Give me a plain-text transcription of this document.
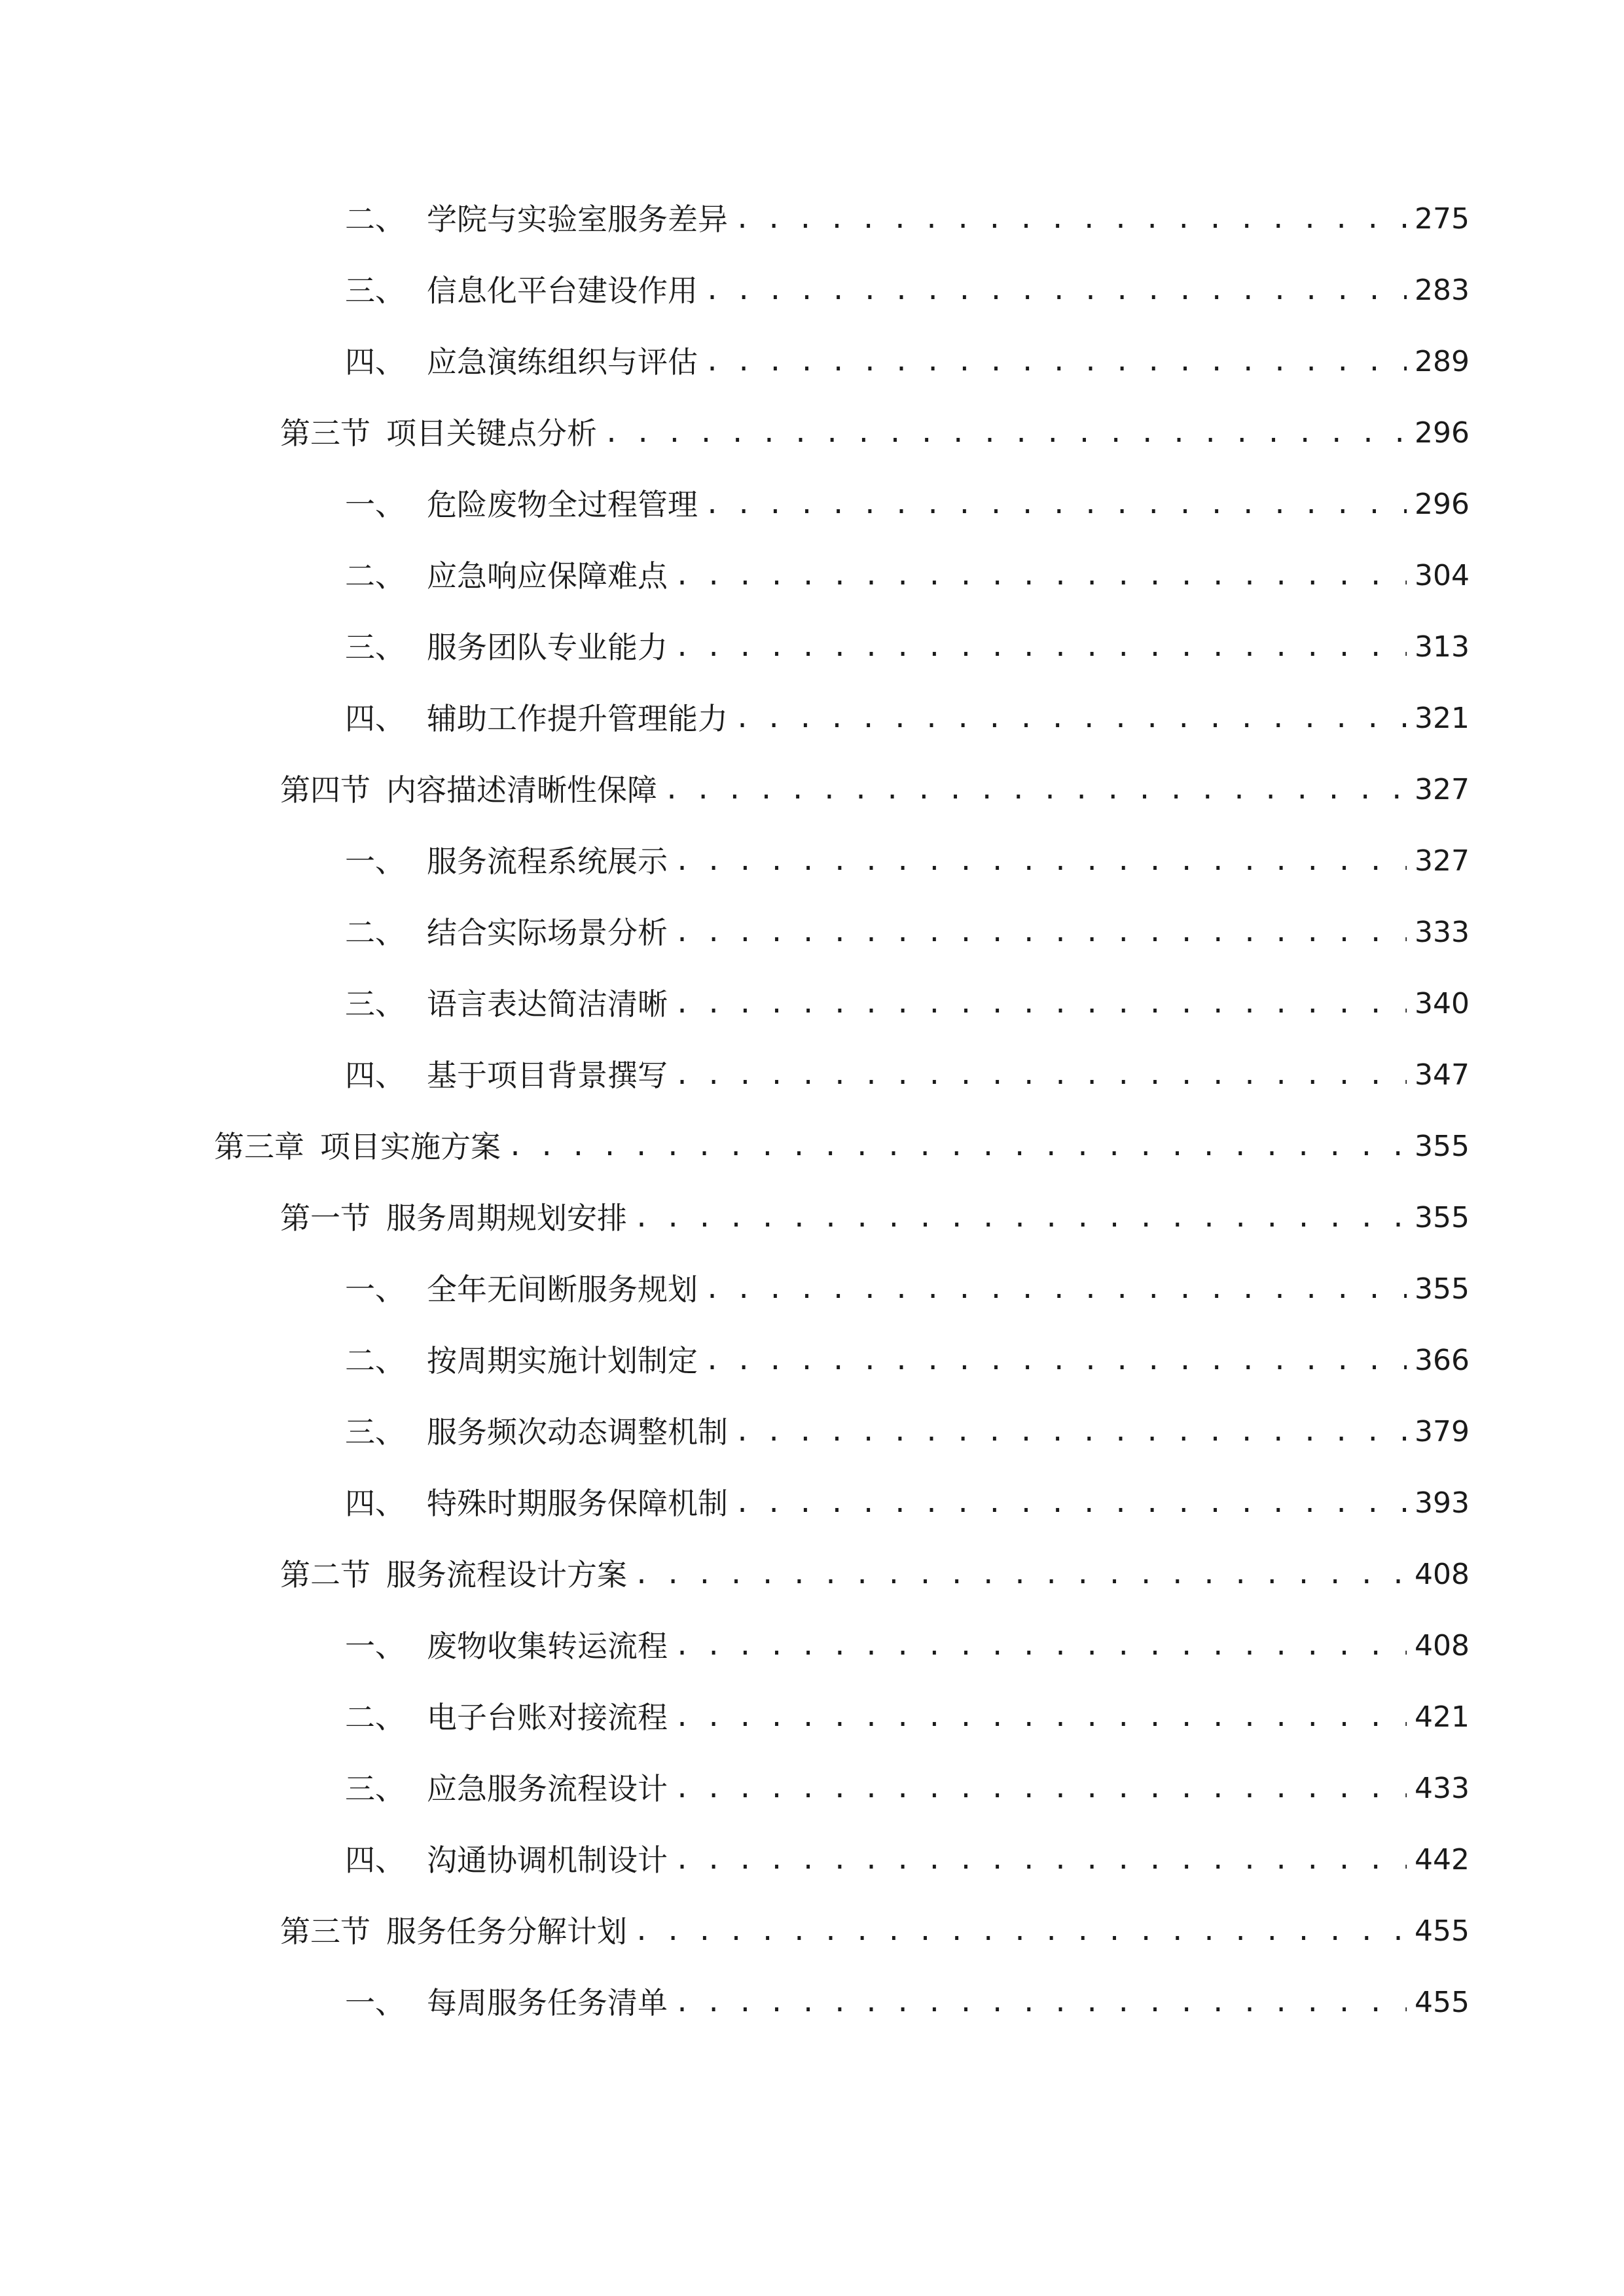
二、 学院与实验室服务差异 . . .	275
三、 信息化平台建设作用 . . .	283
四、 应急演练组织与评估 . . .	289
第三节 项目关键点分析 . . .	296
一、 危险废物全过程管理 . . .	296
二、 应急响应保障难点 . . .	304
三、 服务团队专业能力 . . .	313
四、 辅助工作提升管理能力 . . .	321
第四节 内容描述清晰性保障 . . .	327
一、 服务流程系统展示 . . .	327
二、 结合实际场景分析 . . .	333
三、 语言表达简洁清晰 . . .	340
四、 基于项目背景撰写 . . .	347
第三章 项目实施方案 . . .	355
第一节 服务周期规划安排 . . .	355
一、 全年无间断服务规划 . . .	355
二、 按周期实施计划制定 . . .	366
三、 服务频次动态调整机制 . . .	379
四、 特殊时期服务保障机制 . . .	393
第二节 服务流程设计方案 . . .	408
一、 废物收集转运流程 . . .	408
二、 电子台账对接流程 . . .	421
三、 应急服务流程设计 . . .	433
四、 沟通协调机制设计 . . .	442
第三节 服务任务分解计划 . . .	455
一、 每周服务任务清单 . . .	455
